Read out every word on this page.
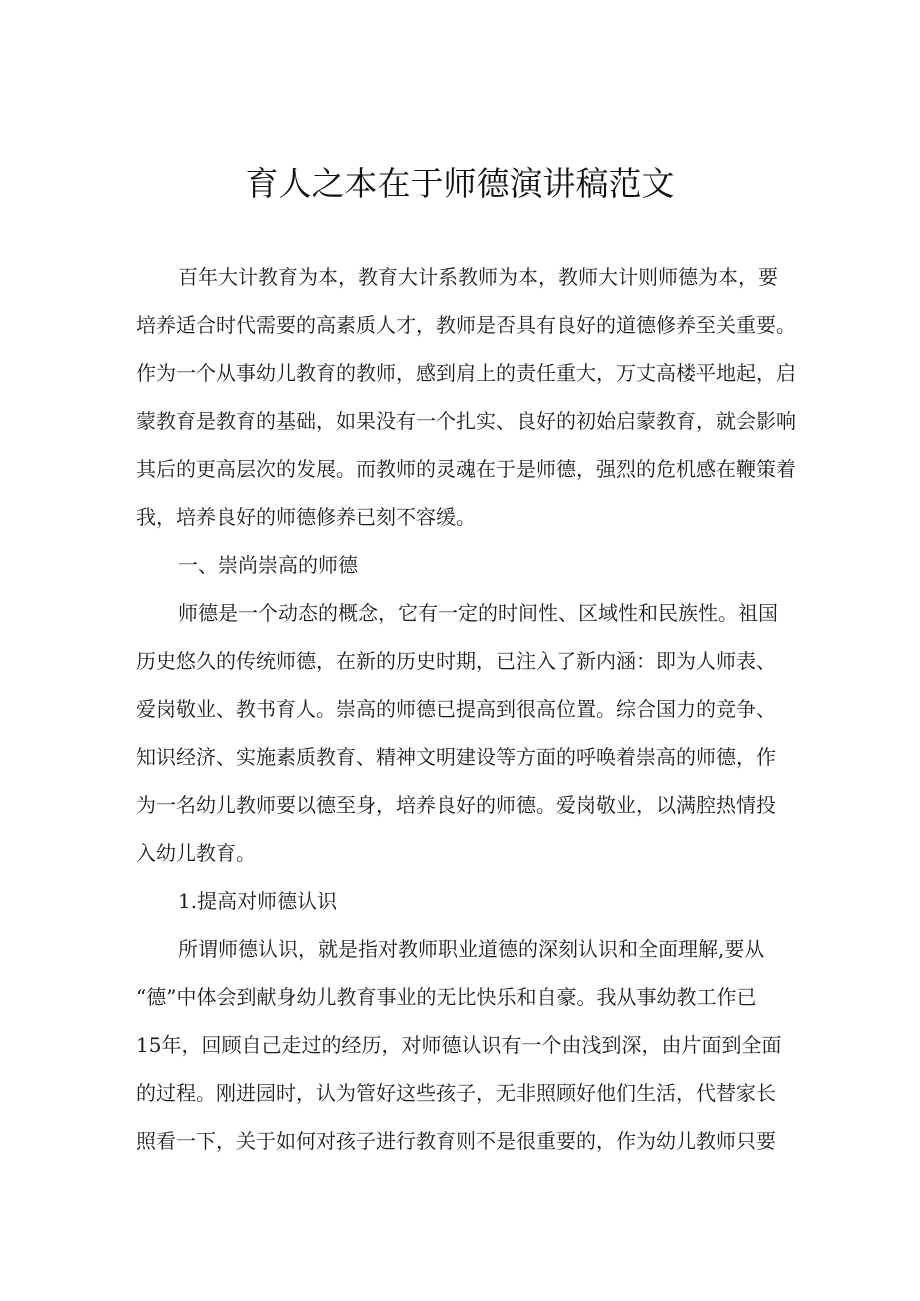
育人之本在于师德演讲稿范文
百年大计教育为本，教育大计系教师为本，教师大计则师德为本，要
培养适合时代需要的高素质人才，教师是否具有良好的道德修养至关重要。
作为一个从事幼儿教育的教师，感到肩上的责任重大，万丈高楼平地起，启
蒙教育是教育的基础，如果没有一个扎实、良好的初始启蒙教育，就会影响
其后的更高层次的发展。而教师的灵魂在于是师德，强烈的危机感在鞭策着
我，培养良好的师德修养已刻不容缓。
一、崇尚崇高的师德
师德是一个动态的概念，它有一定的时间性、区域性和民族性。祖国
历史悠久的传统师德，在新的历史时期，已注入了新内涵：即为人师表、
爱岗敬业、教书育人。崇高的师德已提高到很高位置。综合国力的竞争、
知识经济、实施素质教育、精神文明建设等方面的呼唤着崇高的师德，作
为一名幼儿教师要以德至身，培养良好的师德。爱岗敬业，以满腔热情投
入幼儿教育。
1.提高对师德认识
所谓师德认识，就是指对教师职业道德的深刻认识和全面理解,要从
“德”中体会到献身幼儿教育事业的无比快乐和自豪。我从事幼教工作已
15年，回顾自己走过的经历，对师德认识有一个由浅到深，由片面到全面
的过程。刚进园时，认为管好这些孩子，无非照顾好他们生活，代替家长
照看一下，关于如何对孩子进行教育则不是很重要的，作为幼儿教师只要
